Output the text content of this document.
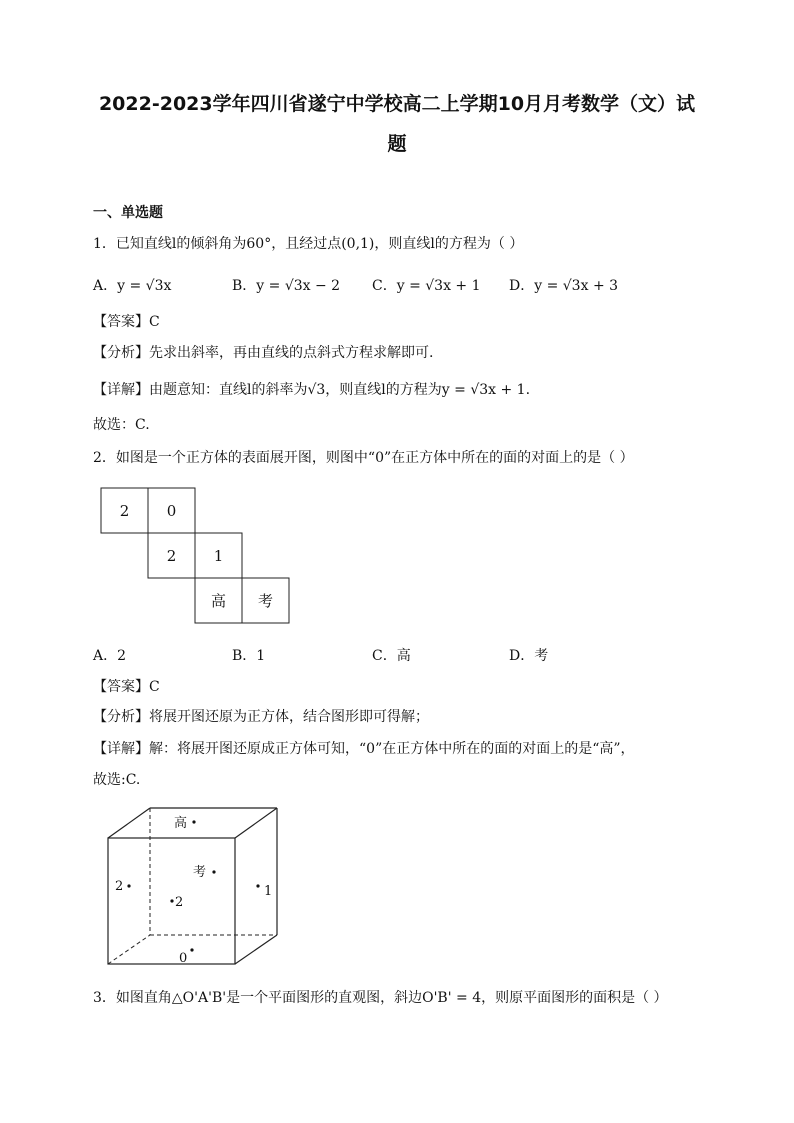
2022-2023学年四川省遂宁中学校高二上学期10月月考数学（文）试
题
一、单选题
1．已知直线l的倾斜角为60°，且经过点(0,1)，则直线l的方程为（ ）
A．y = √3x	B．y = √3x − 2 C．y = √3x + 1 D．y = √3x + 3
【答案】C
【分析】先求出斜率，再由直线的点斜式方程求解即可.
【详解】由题意知：直线l的斜率为√3，则直线l的方程为y = √3x + 1.
故选：C.
2．如图是一个正方体的表面展开图，则图中“0”在正方体中所在的面的对面上的是（ ）
2 0
2 1
高 考
A．2	B．1	C．高	D．考
【答案】C
【分析】将展开图还原为正方体，结合图形即可得解；
【详解】解：将展开图还原成正方体可知，“0”在正方体中所在的面的对面上的是“高”，
故选:C.
高
考
2
2
1
0
3．如图直角△O'A'B'是一个平面图形的直观图，斜边O'B' = 4，则原平面图形的面积是（ ）
